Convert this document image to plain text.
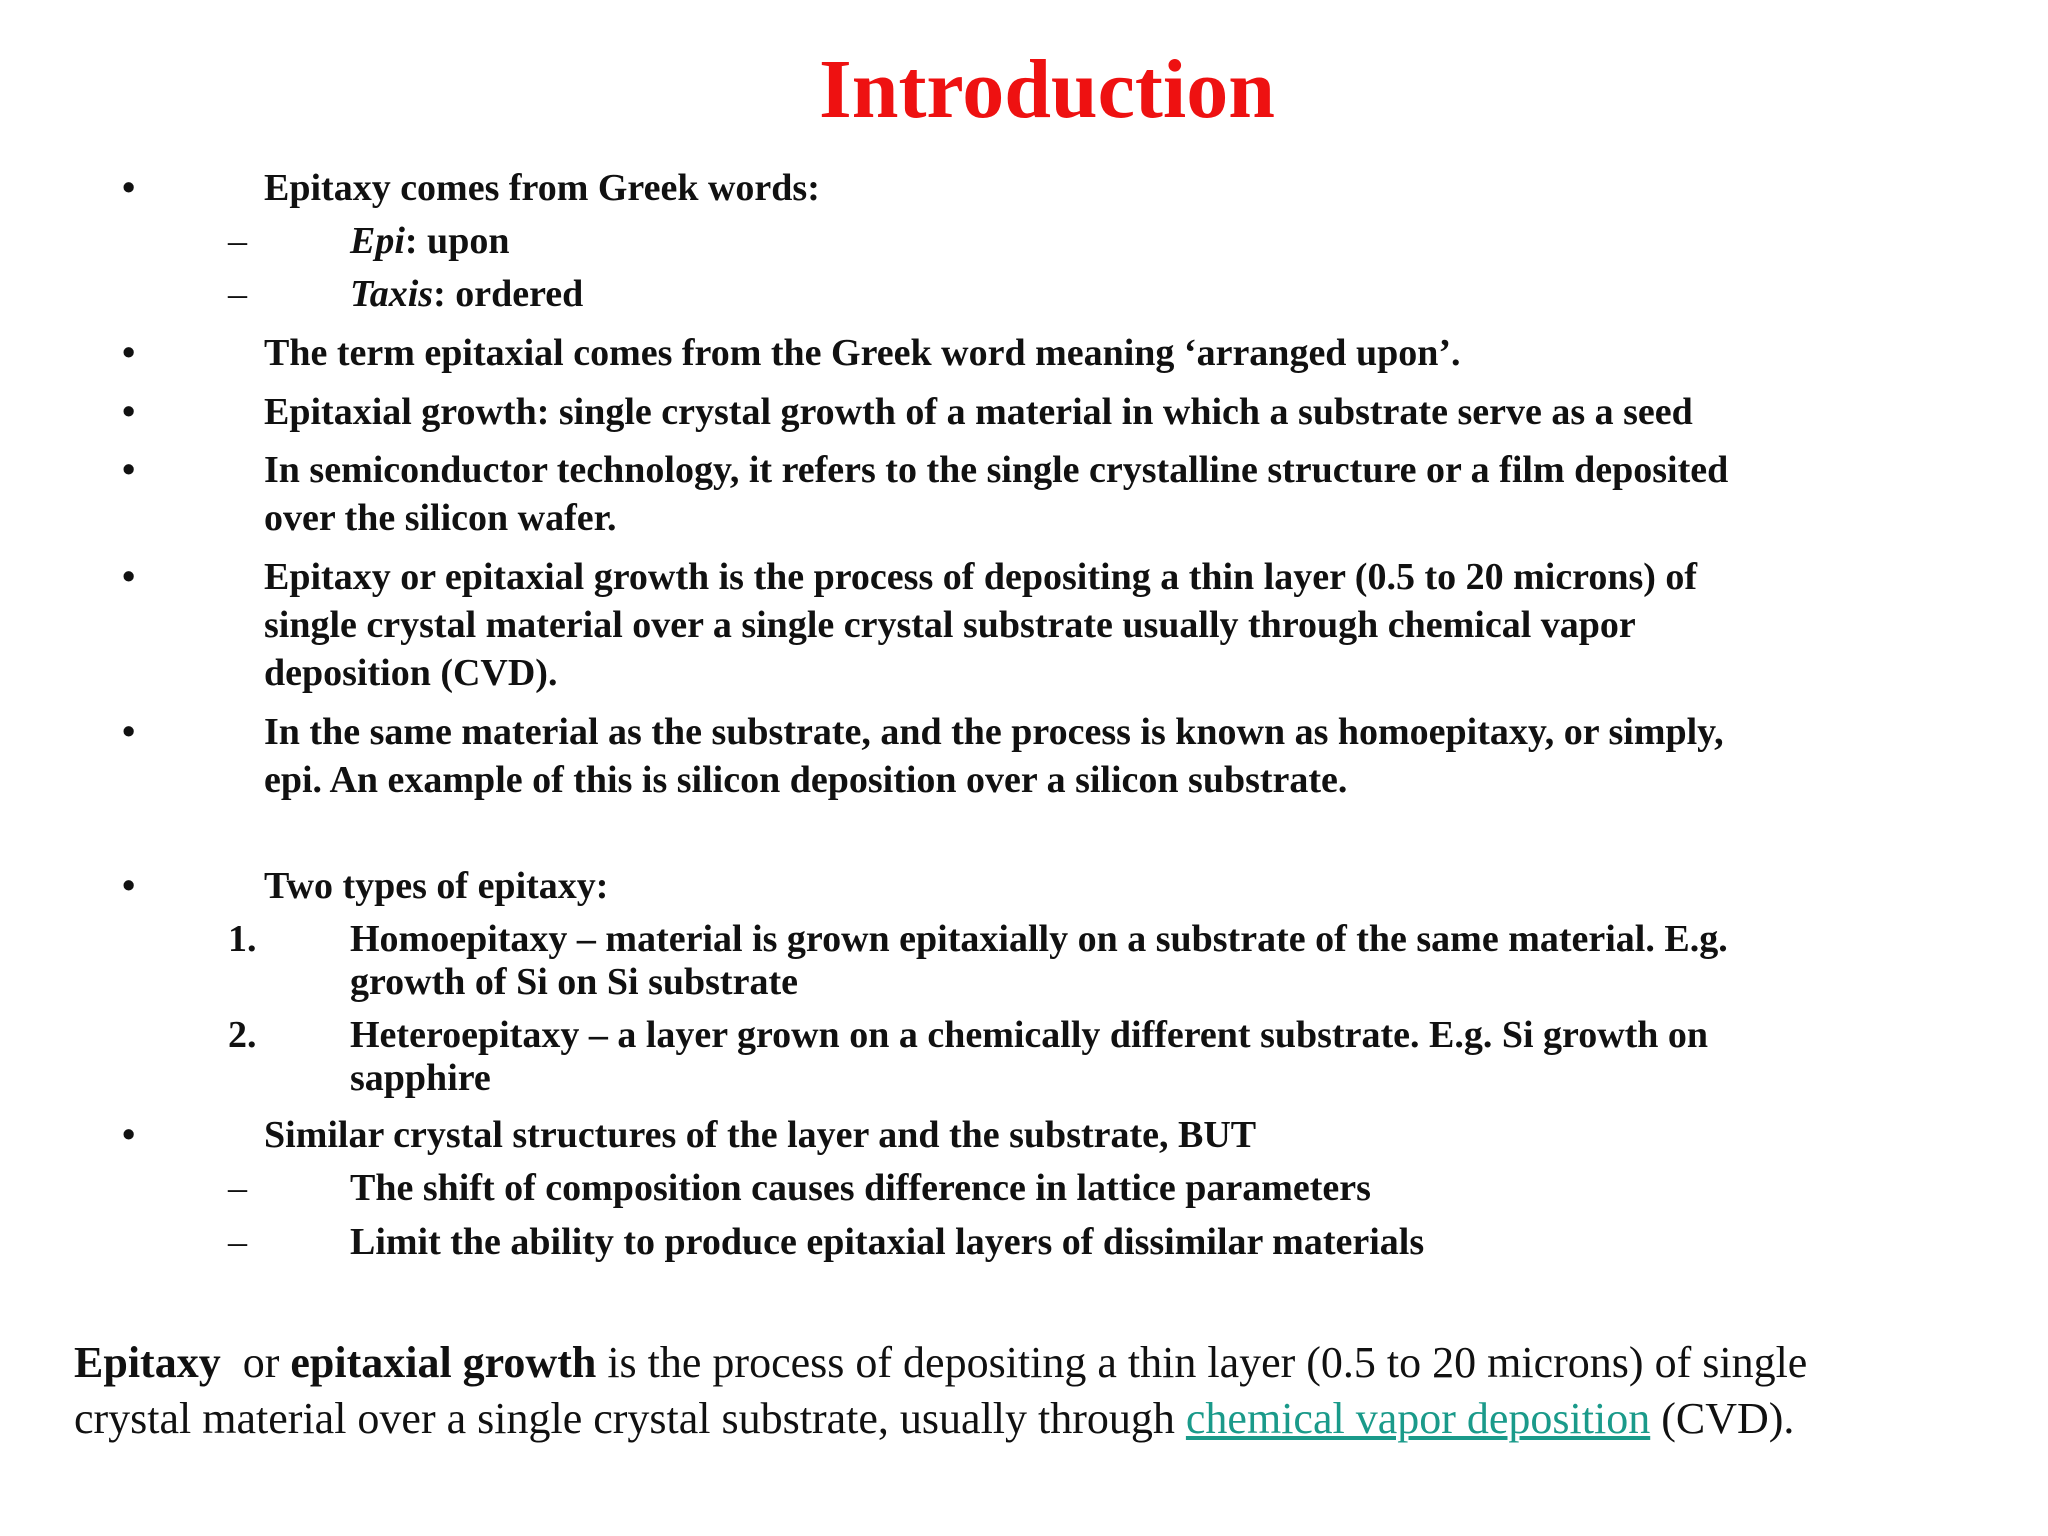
Introduction
•	Epitaxy comes from Greek words:
–	Epi: upon
–	Taxis: ordered
•	The term epitaxial comes from the Greek word meaning ‘arranged upon’.
•	Epitaxial growth: single crystal growth of a material in which a substrate serve as a seed
•	In semiconductor technology, it refers to the single crystalline structure or a film deposited
over the silicon wafer.
•	Epitaxy or epitaxial growth is the process of depositing a thin layer (0.5 to 20 microns) of
single crystal material over a single crystal substrate usually through chemical vapor
deposition (CVD).
•	In the same material as the substrate, and the process is known as homoepitaxy, or simply,
epi. An example of this is silicon deposition over a silicon substrate.
•	Two types of epitaxy:
1. Homoepitaxy – material is grown epitaxially on a substrate of the same material. E.g.
growth of Si on Si substrate
2. Heteroepitaxy – a layer grown on a chemically different substrate. E.g. Si growth on
sapphire
•	Similar crystal structures of the layer and the substrate, BUT
–	The shift of composition causes difference in lattice parameters
–	Limit the ability to produce epitaxial layers of dissimilar materials
Epitaxy  or epitaxial growth is the process of depositing a thin layer (0.5 to 20 microns) of single
crystal material over a single crystal substrate, usually through chemical vapor deposition (CVD).
